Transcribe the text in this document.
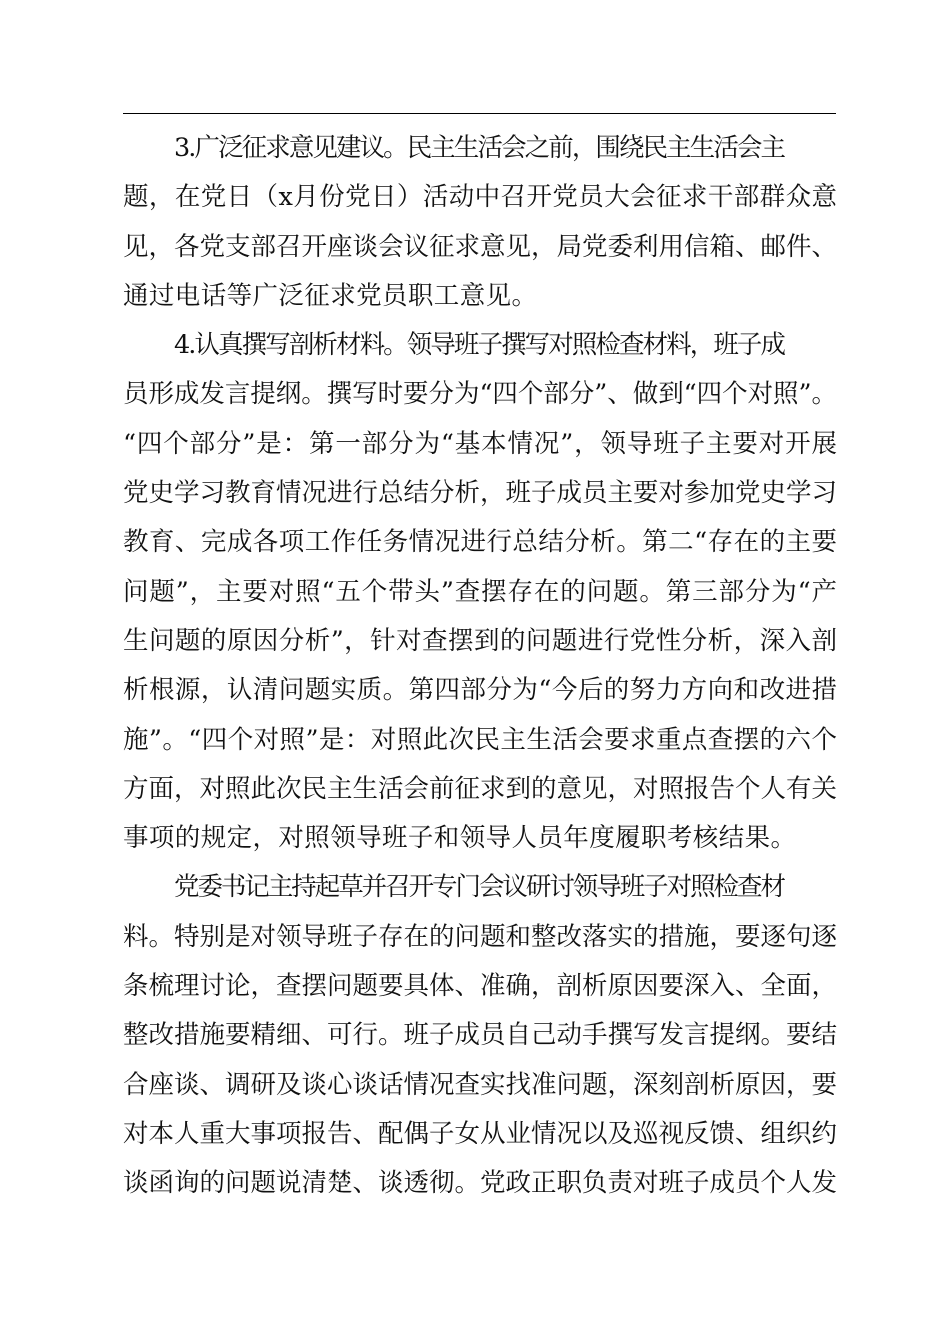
3.广泛征求意见建议。民主生活会之前，围绕民主生活会主
题，在党日（x月份党日）活动中召开党员大会征求干部群众意
见，各党支部召开座谈会议征求意见，局党委利用信箱、邮件、
通过电话等广泛征求党员职工意见。
4.认真撰写剖析材料。领导班子撰写对照检查材料，班子成
员形成发言提纲。撰写时要分为“四个部分”、做到“四个对照”。
“四个部分”是：第一部分为“基本情况”，领导班子主要对开展
党史学习教育情况进行总结分析，班子成员主要对参加党史学习
教育、完成各项工作任务情况进行总结分析。第二“存在的主要
问题”，主要对照“五个带头”查摆存在的问题。第三部分为“产
生问题的原因分析”，针对查摆到的问题进行党性分析，深入剖
析根源，认清问题实质。第四部分为“今后的努力方向和改进措
施”。“四个对照”是：对照此次民主生活会要求重点查摆的六个
方面，对照此次民主生活会前征求到的意见，对照报告个人有关
事项的规定，对照领导班子和领导人员年度履职考核结果。
党委书记主持起草并召开专门会议研讨领导班子对照检查材
料。特别是对领导班子存在的问题和整改落实的措施，要逐句逐
条梳理讨论，查摆问题要具体、准确，剖析原因要深入、全面，
整改措施要精细、可行。班子成员自己动手撰写发言提纲。要结
合座谈、调研及谈心谈话情况查实找准问题，深刻剖析原因，要
对本人重大事项报告、配偶子女从业情况以及巡视反馈、组织约
谈函询的问题说清楚、谈透彻。党政正职负责对班子成员个人发
